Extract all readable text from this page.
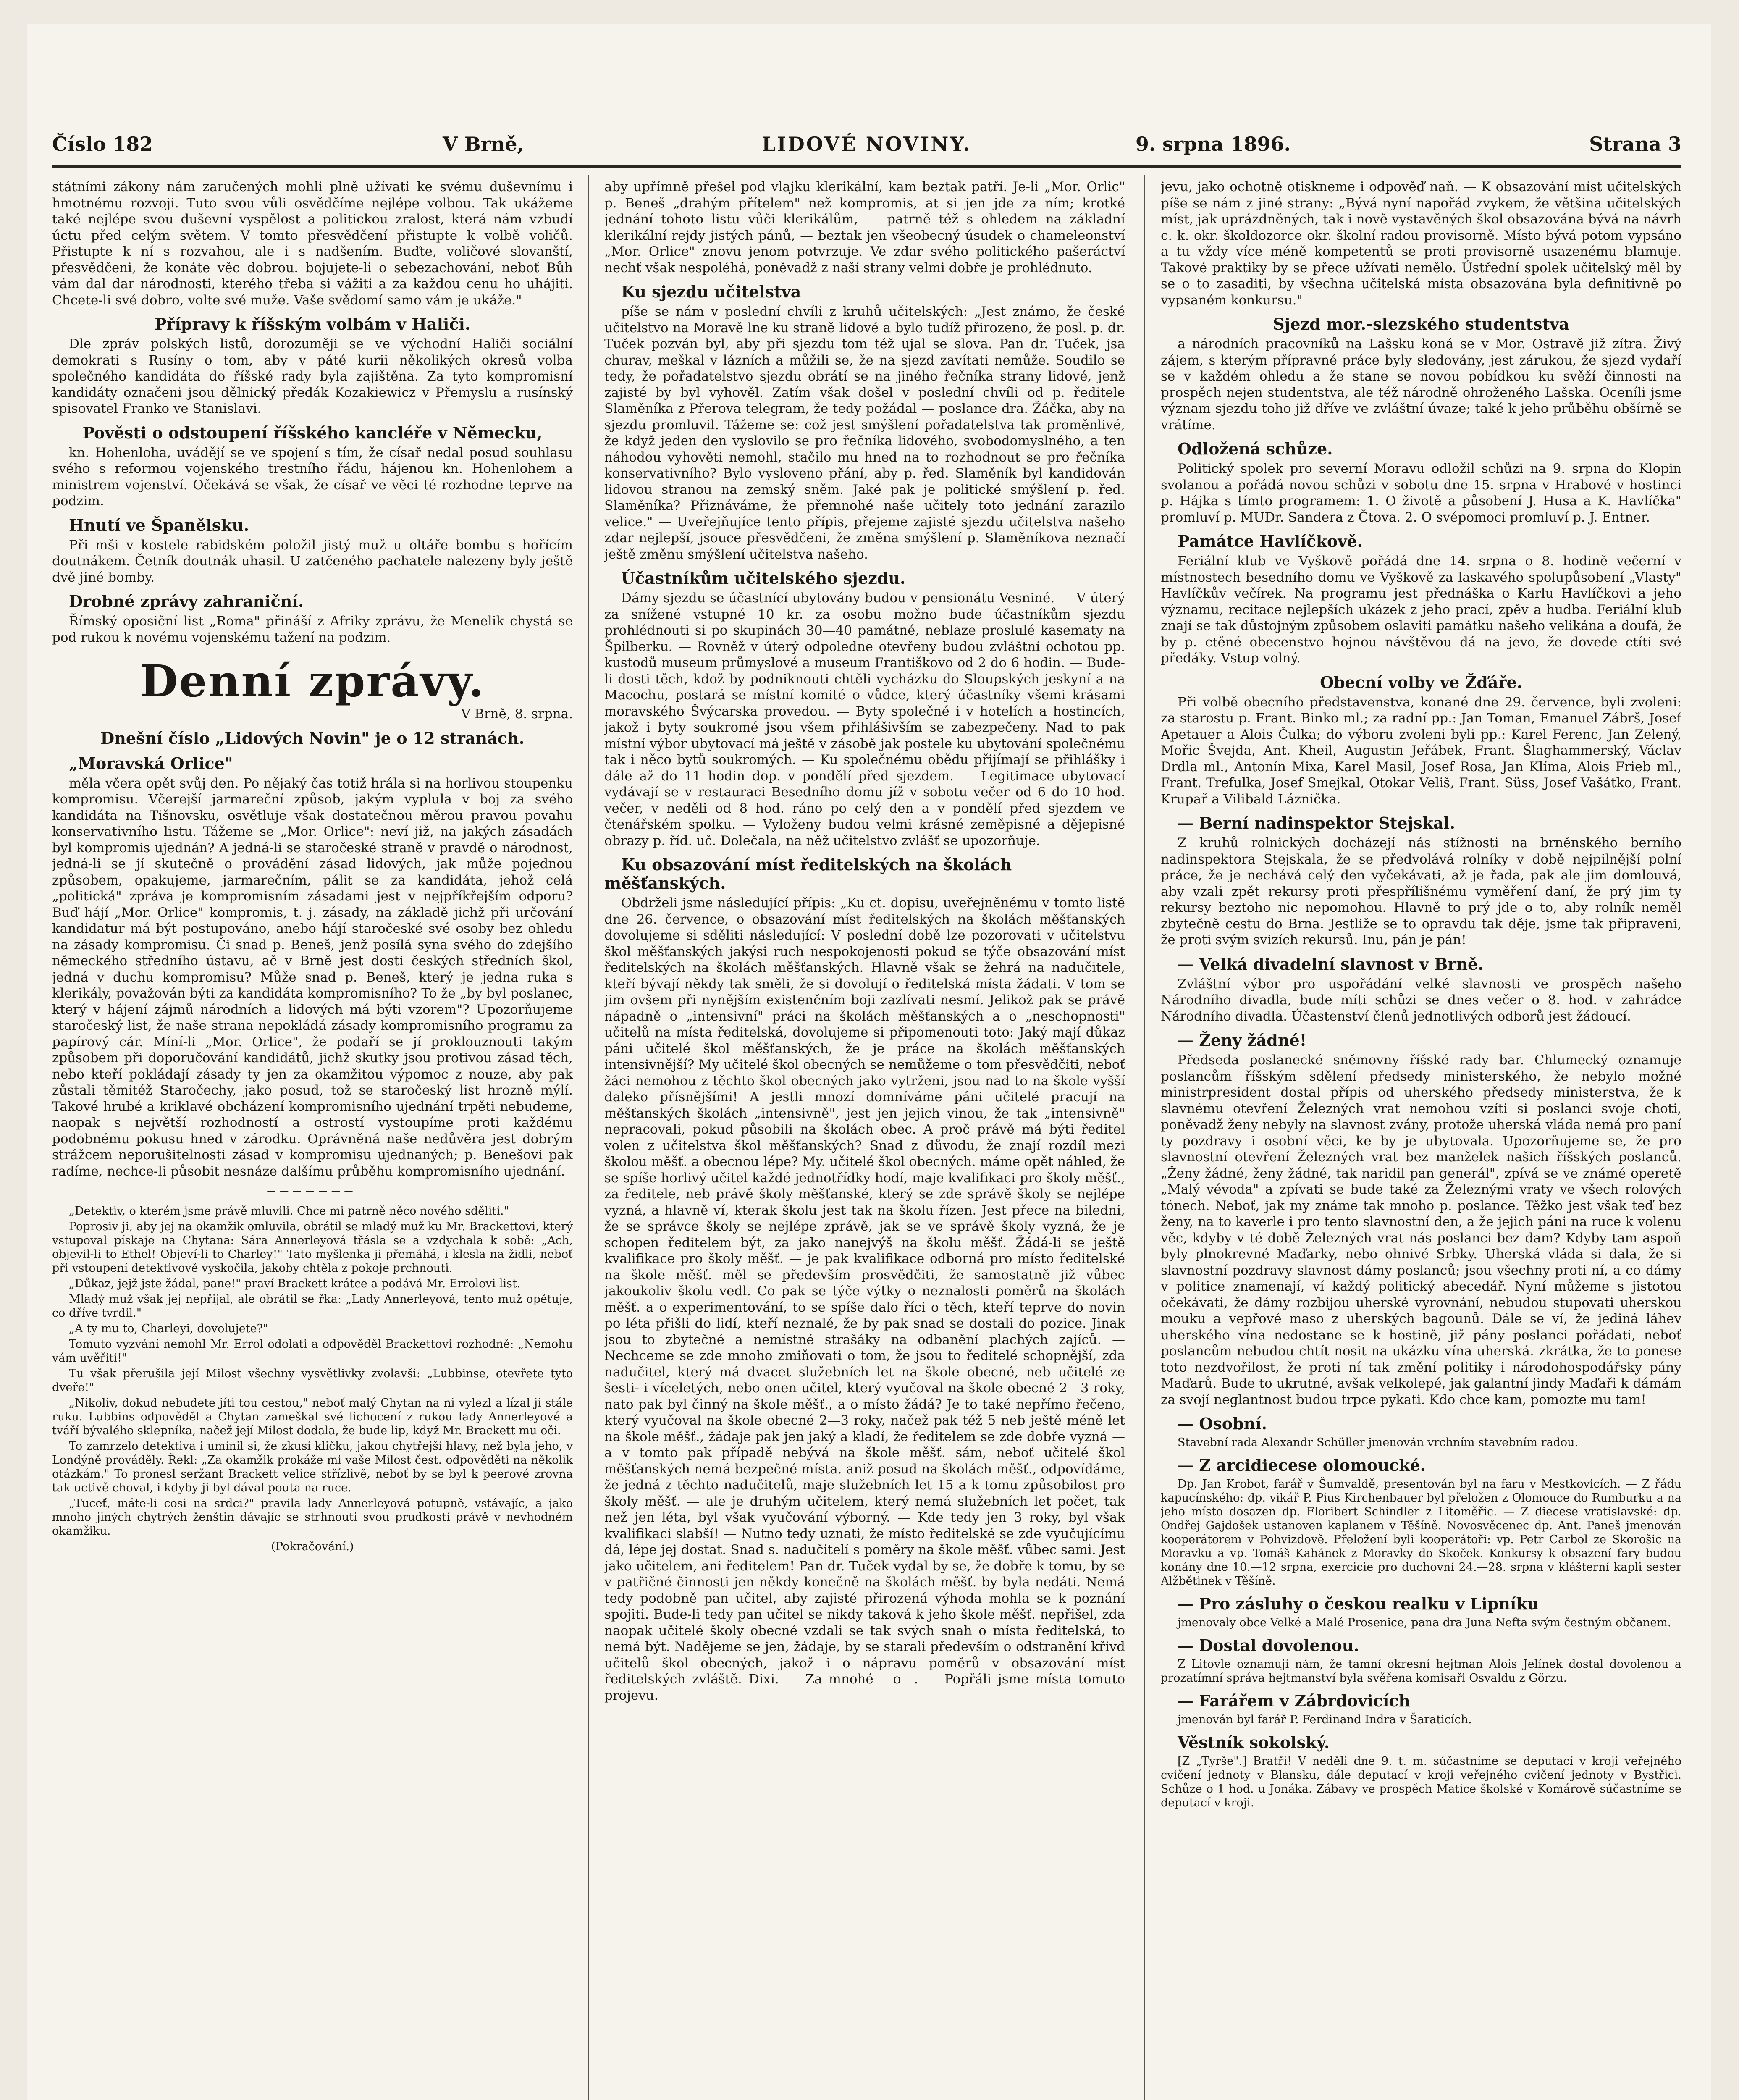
Číslo 182	V Brně,	LIDOVÉ NOVINY.	9. srpna 1896.	Strana 3

státními zákony nám zaručených mohli plně užívati ke svému duševnímu i hmotnému rozvoji. Tuto svou vůli osvědčíme nejlépe volbou. Tak ukážeme také nejlépe svou duševní vyspělost a politickou zralost, která nám vzbudí úctu před celým světem. V tomto přesvědčení přistupte k volbě voličů. Přistupte k ní s rozvahou, ale i s nadšením. Buďte, voličové slovanští, přesvědčeni, že konáte věc dobrou. bojujete-li o sebezachování, neboť Bůh vám dal dar národnosti, kterého třeba si vážiti a za každou cenu ho uhájiti. Chcete-li své dobro, volte své muže. Vaše svědomí samo vám je ukáže."

Přípravy k říšským volbám v Haliči.

Dle zpráv polských listů, dorozuměji se ve východní Haliči sociální demokrati s Rusíny o tom, aby v páté kurii několikých okresů volba společného kandidáta do říšské rady byla zajištěna. Za tyto kompromisní kandidáty označeni jsou dělnický předák Kozakiewicz v Přemyslu a rusínský spisovatel Franko ve Stanislavi.

Pověsti o odstoupení říšského kancléře v Německu,

kn. Hohenloha, uvádějí se ve spojení s tím, že císař nedal posud souhlasu svého s reformou vojenského trestního řádu, hájenou kn. Hohenlohem a ministrem vojenství. Očekává se však, že císař ve věci té rozhodne teprve na podzim.

Hnutí ve Španělsku.

Při mši v kostele rabidském položil jistý muž u oltáře bombu s hořícím doutnákem. Četník doutnák uhasil. U zatčeného pachatele nalezeny byly ještě dvě jiné bomby.

Drobné zprávy zahraniční.

Římský oposiční list „Roma" přináší z Afriky zprávu, že Menelik chystá se pod rukou k novému vojenskému tažení na podzim.

Denní zprávy.
V Brně, 8. srpna.
Dnešní číslo „Lidových Novin" je o 12 stranách.
„Moravská Orlice"

měla včera opět svůj den. Po nějaký čas totiž hrála si na horlivou stoupenku kompromisu. Včerejší jarmareční způsob, jakým vyplula v boj za svého kandidáta na Tišnovsku, osvětluje však dostatečnou měrou pravou povahu konservativního listu. Tážeme se „Mor. Orlice": neví již, na jakých zásadách byl kompromis ujednán? A jedná-li se staročeské straně v pravdě o národnost, jedná-li se jí skutečně o provádění zásad lidových, jak může pojednou způsobem, opakujeme, jarmarečním, pálit se za kandidáta, jehož celá „politická" zpráva je kompromisním zásadami jest v nejpříkřejším odporu? Buď hájí „Mor. Orlice" kompromis, t. j. zásady, na základě jichž při určování kandidatur má být postupováno, anebo hájí staročeské své osoby bez ohledu na zásady kompromisu. Či snad p. Beneš, jenž posílá syna svého do zdejšího německého středního ústavu, ač v Brně jest dosti českých středních škol, jedná v duchu kompromisu? Může snad p. Beneš, který je jedna ruka s klerikály, považován býti za kandidáta kompromisního? To že „by byl poslanec, který v hájení zájmů národních a lidových má býti vzorem"? Upozorňujeme staročeský list, že naše strana nepokládá zásady kompromisního programu za papírový cár. Míní-li „Mor. Orlice", že podaří se jí proklouznouti takým způsobem při doporučování kandidátů, jichž skutky jsou protivou zásad těch, nebo kteří pokládají zásady ty jen za okamžitou výpomoc z nouze, aby pak zůstali těmitéž Staročechy, jako posud, tož se staročeský list hrozně mýlí. Takové hrubé a kriklavé obcházení kompromisního ujednání trpěti nebudeme, naopak s největší rozhodností a ostrostí vystoupíme proti každému podobnému pokusu hned v zárodku. Oprávněná naše nedůvěra jest dobrým strážcem neporušitelnosti zásad v kompromisu ujednaných; p. Benešovi pak radíme, nechce-li působit nesnáze dalšímu průběhu kompromisního ujednání.

───────

„Detektiv, o kterém jsme právě mluvili. Chce mi patrně něco nového sděliti."

Poprosiv ji, aby jej na okamžik omluvila, obrátil se mladý muž ku Mr. Brackettovi, který vstupoval pískaje na Chytana: Sára Annerleyová třásla se a vzdychala k sobě: „Ach, objevil-li to Ethel! Objeví-li to Charley!" Tato myšlenka ji přemáhá, i klesla na židli, neboť při vstoupení detektivově vyskočila, jakoby chtěla z pokoje prchnouti.

„Důkaz, jejž jste žádal, pane!" praví Brackett krátce a podává Mr. Errolovi list.

Mladý muž však jej nepřijal, ale obrátil se řka: „Lady Annerleyová, tento muž opětuje, co dříve tvrdil."

„A ty mu to, Charleyi, dovolujete?"

Tomuto vyzvání nemohl Mr. Errol odolati a odpověděl Brackettovi rozhodně: „Nemohu vám uvěřiti!"

Tu však přerušila její Milost všechny vysvětlivky zvolavši: „Lubbinse, otevřete tyto dveře!"

„Nikoliv, dokud nebudete jíti tou cestou," neboť malý Chytan na ni vylezl a lízal ji stále ruku. Lubbins odpověděl a Chytan zameškal své lichocení z rukou lady Annerleyové a tváří bývalého sklepníka, načež její Milost dodala, že bude lip, když Mr. Brackett mu oči.

To zamrzelo detektiva i umínil si, že zkusí kličku, jakou chytřejší hlavy, než byla jeho, v Londýně prováděly. Řekl: „Za okamžik prokáže mi vaše Milost čest. odpověděti na několik otázkám." To pronesl seržant Brackett velice střízlivě, neboť by se byl k peerové zrovna tak uctivě choval, i kdyby ji byl dával pouta na ruce.

„Tuceť, máte-li cosi na srdci?" pravila lady Annerleyová potupně, vstávajíc, a jako mnoho jiných chytrých ženštin dávajíc se strhnouti svou prudkostí právě v nevhodném okamžiku.

(Pokračování.)

aby upřímně přešel pod vlajku klerikální, kam beztak patří. Je-li „Mor. Orlic" p. Beneš „drahým přítelem" než kompromis, at si jen jde za ním; krotké jednání tohoto listu vůči klerikálům, — patrně též s ohledem na základní klerikální rejdy jistých pánů, — beztak jen všeobecný úsudek o chameleonství „Mor. Orlice" znovu jenom potvrzuje. Ve zdar svého politického pašeráctví nechť však nespoléhá, poněvadž z naší strany velmi dobře je prohlédnuto.

Ku sjezdu učitelstva

píše se nám v poslední chvíli z kruhů učitelských: „Jest známo, že české učitelstvo na Moravě lne ku straně lidové a bylo tudíž přirozeno, že posl. p. dr. Tuček pozván byl, aby při sjezdu tom též ujal se slova. Pan dr. Tuček, jsa churav, meškal v lázních a můžili se, že na sjezd zavítati nemůže. Soudilo se tedy, že pořadatelstvo sjezdu obrátí se na jiného řečníka strany lidové, jenž zajisté by byl vyhověl. Zatím však došel v poslední chvíli od p. ředitele Slaměníka z Přerova telegram, že tedy požádal — poslance dra. Žáčka, aby na sjezdu promluvil. Tážeme se: což jest smýšlení pořadatelstva tak proměnlivé, že když jeden den vyslovilo se pro řečníka lidového, svobodomyslného, a ten náhodou vyhověti nemohl, stačilo mu hned na to rozhodnout se pro řečníka konservativního? Bylo vysloveno přání, aby p. řed. Slaměník byl kandidován lidovou stranou na zemský sněm. Jaké pak je politické smýšlení p. řed. Slaměníka? Přiznáváme, že přemnohé naše učitely toto jednání zarazilo velice." — Uveřejňujíce tento přípis, přejeme zajisté sjezdu učitelstva našeho zdar nejlepší, jsouce přesvědčeni, že změna smýšlení p. Slaměníkova neznačí ještě změnu smýšlení učitelstva našeho.

Účastníkům učitelského sjezdu.

Dámy sjezdu se účastnící ubytovány budou v pensionátu Vesniné. — V úterý za snížené vstupné 10 kr. za osobu možno bude účastníkům sjezdu prohlédnouti si po skupinách 30—40 památné, neblaze proslulé kasematy na Špilberku. — Rovněž v úterý odpoledne otevřeny budou zvláštní ochotou pp. kustodů museum průmyslové a museum Františkovo od 2 do 6 hodin. — Bude-li dosti těch, kdož by podniknouti chtěli vycházku do Sloupských jeskyní a na Macochu, postará se místní komité o vůdce, který účastníky všemi krásami moravského Švýcarska provedou. — Byty společné i v hotelích a hostincích, jakož i byty soukromé jsou všem přihlášivším se zabezpečeny. Nad to pak místní výbor ubytovací má ještě v zásobě jak postele ku ubytování společnému tak i něco bytů soukromých. — Ku společnému obědu přijímají se přihlášky i dále až do 11 hodin dop. v pondělí před sjezdem. — Legitimace ubytovací vydávají se v restauraci Besedního domu jíž v sobotu večer od 6 do 10 hod. večer, v neděli od 8 hod. ráno po celý den a v pondělí před sjezdem ve čtenářském spolku. — Vyloženy budou velmi krásné zeměpisné a dějepisné obrazy p. říd. uč. Dolečala, na něž učitelstvo zvlášť se upozorňuje.

Ku obsazování míst ředitelských na školách měšťanských.

Obdrželi jsme následující přípis: „Ku ct. dopisu, uveřejněnému v tomto listě dne 26. července, o obsazování míst ředitelských na školách měšťanských dovolujeme si sděliti následující: V poslední době lze pozorovati v učitelstvu škol měšťanských jakýsi ruch nespokojenosti pokud se týče obsazování míst ředitelských na školách měšťanských. Hlavně však se žehrá na nadučitele, kteří bývají někdy tak směli, že si dovolují o ředitelská místa žádati. V tom se jim ovšem při nynějším existenčním boji zazlívati nesmí. Jelikož pak se právě nápadně o „intensivní" práci na školách měšťanských a o „neschopnosti" učitelů na místa ředitelská, dovolujeme si připomenouti toto: Jaký mají důkaz páni učitelé škol měšťanských, že je práce na školách měšťanských intensivnější? My učitelé škol obecných se nemůžeme o tom přesvědčiti, neboť žáci nemohou z těchto škol obecných jako vytrženi, jsou nad to na škole vyšší daleko přísnějšími! A jestli mnozí domníváme páni učitelé pracují na měšťanských školách „intensivně", jest jen jejich vinou, že tak „intensivně" nepracovali, pokud působili na školách obec. A proč právě má býti ředitel volen z učitelstva škol měšťanských? Snad z důvodu, že znají rozdíl mezi školou měšť. a obecnou lépe? My. učitelé škol obecných. máme opět náhled, že se spíše horlivý učitel každé jednotřídky hodí, maje kvalifikaci pro školy měšť., za ředitele, neb právě školy měšťanské, který se zde správě školy se nejlépe vyzná, a hlavně ví, kterak školu jest tak na školu řízen. Jest přece na biledni, že se správce školy se nejlépe zprávě, jak se ve správě školy vyzná, že je schopen ředitelem být, za jako nanejvýš na školu měšť. Žádá-li se ještě kvalifikace pro školy měšť. — je pak kvalifikace odborná pro místo ředitelské na škole měšť. měl se především prosvědčiti, že samostatně již vůbec jakoukoliv školu vedl. Co pak se týče výtky o neznalosti poměrů na školách měšť. a o experimentování, to se spíše dalo říci o těch, kteří teprve do novin po léta přišli do lidí, kteří neznalé, že by pak snad se dostali do pozice. Jinak jsou to zbytečné a nemístné strašáky na odbanění plachých zajíců. — Nechceme se zde mnoho zmiňovati o tom, že jsou to ředitelé schopnější, zda nadučitel, který má dvacet služebních let na škole obecné, neb učitelé ze šesti- i víceletých, nebo onen učitel, který vyučoval na škole obecné 2—3 roky, nato pak byl činný na škole měšť., a o místo žádá? Je to také nepřímo řečeno, který vyučoval na škole obecné 2—3 roky, načež pak též 5 neb ještě méně let na škole měšť., žádaje pak jen jaký a kladí, že ředitelem se zde dobře vyzná — a v tomto pak případě nebývá na škole měšť. sám, neboť učitelé škol měšťanských nemá bezpečné místa. aniž posud na školách měšť., odpovídáme, že jedná z těchto nadučitelů, maje služebních let 15 a k tomu způsobilost pro školy měšť. — ale je druhým učitelem, který nemá služebních let počet, tak než jen léta, byl však vyučování výborný. — Kde tedy jen 3 roky, byl však kvalifikaci slabší! — Nutno tedy uznati, že místo ředitelské se zde vyučujícímu dá, lépe jej dostat. Snad s. nadučitelí s poměry na škole měšť. vůbec sami. Jest jako učitelem, ani ředitelem! Pan dr. Tuček vydal by se, že dobře k tomu, by se v patřičné činnosti jen někdy konečně na školách měšť. by byla nedáti. Nemá tedy podobně pan učitel, aby zajisté přirozená výhoda mohla se k poznání spojiti. Bude-li tedy pan učitel se nikdy taková k jeho škole měšť. nepřišel, zda naopak učitelé školy obecné vzdali se tak svých snah o místa ředitelská, to nemá být. Nadějeme se jen, žádaje, by se starali především o odstranění křivd učitelů škol obecných, jakož i o nápravu poměrů v obsazování míst ředitelských zvláště. Dixi. — Za mnohé —o—. — Popřáli jsme místa tomuto projevu.

jevu, jako ochotně otiskneme i odpověď naň. — K obsazování míst učitelských píše se nám z jiné strany: „Bývá nyní napořád zvykem, že většina učitelských míst, jak uprázdněných, tak i nově vystavěných škol obsazována bývá na návrh c. k. okr. školdozorce okr. školní radou provisorně. Místo bývá potom vypsáno a tu vždy více méně kompetentů se proti provisorně usazenému blamuje. Takové praktiky by se přece užívati nemělo. Ústřední spolek učitelský měl by se o to zasaditi, by všechna učitelská místa obsazována byla definitivně po vypsaném konkursu."

Sjezd mor.-slezského studentstva

a národních pracovníků na Lašsku koná se v Mor. Ostravě již zítra. Živý zájem, s kterým přípravné práce byly sledovány, jest zárukou, že sjezd vydaří se v každém ohledu a že stane se novou pobídkou ku svěží činnosti na prospěch nejen studentstva, ale též národně ohroženého Lašska. Oceníli jsme význam sjezdu toho již dříve ve zvláštní úvaze; také k jeho průběhu obšírně se vrátíme.

Odložená schůze.

Politický spolek pro severní Moravu odložil schůzi na 9. srpna do Klopin svolanou a pořádá novou schůzi v sobotu dne 15. srpna v Hrabové v hostinci p. Hájka s tímto programem: 1. O životě a působení J. Husa a K. Havlíčka" promluví p. MUDr. Sandera z Čtova. 2. O svépomoci promluví p. J. Entner.

Památce Havlíčkově.

Feriální klub ve Vyškově pořádá dne 14. srpna o 8. hodině večerní v místnostech besedního domu ve Vyškově za laskavého spolupůsobení „Vlasty" Havlíčkův večírek. Na programu jest přednáška o Karlu Havlíčkovi a jeho významu, recitace nejlepších ukázek z jeho prací, zpěv a hudba. Feriální klub znají se tak důstojným způsobem oslaviti památku našeho velikána a doufá, že by p. ctěné obecenstvo hojnou návštěvou dá na jevo, že dovede ctíti své předáky. Vstup volný.

Obecní volby ve Žďáře.

Při volbě obecního představenstva, konané dne 29. července, byli zvoleni: za starostu p. Frant. Binko ml.; za radní pp.: Jan Toman, Emanuel Zábrš, Josef Apetauer a Alois Čulka; do výboru zvoleni byli pp.: Karel Ferenc, Jan Zelený, Mořic Švejda, Ant. Kheil, Augustin Jeřábek, Frant. Šlaghammerský, Václav Drdla ml., Antonín Mixa, Karel Masil, Josef Rosa, Jan Klíma, Alois Frieb ml., Frant. Trefulka, Josef Smejkal, Otokar Veliš, Frant. Süss, Josef Vašátko, Frant. Krupař a Vilibald Láznička.

— Berní nadinspektor Stejskal.

Z kruhů rolnických docházejí nás stížnosti na brněnského berního nadinspektora Stejskala, že se předvolává rolníky v době nejpilnější polní práce, že je nechává celý den vyčekávati, až je řada, pak ale jim domlouvá, aby vzali zpět rekursy proti přespřílišnému vyměření daní, že prý jim ty rekursy beztoho nic nepomohou. Hlavně to prý jde o to, aby rolník neměl zbytečně cestu do Brna. Jestliže se to opravdu tak děje, jsme tak připraveni, že proti svým svizích rekursů. Inu, pán je pán!

— Velká divadelní slavnost v Brně.

Zvláštní výbor pro uspořádání velké slavnosti ve prospěch našeho Národního divadla, bude míti schůzi se dnes večer o 8. hod. v zahrádce Národního divadla. Účastenství členů jednotlivých odborů jest žádoucí.

— Ženy žádné!

Předseda poslanecké sněmovny říšské rady bar. Chlumecký oznamuje poslancům říšským sdělení předsedy ministerského, že nebylo možné ministrpresident dostal přípis od uherského předsedy ministerstva, že k slavnému otevření Železných vrat nemohou vzíti si poslanci svoje choti, poněvadž ženy nebyly na slavnost zvány, protože uherská vláda nemá pro paní ty pozdravy i osobní věci, ke by je ubytovala. Upozorňujeme se, že pro slavnostní otevření Železných vrat bez manželek našich říšských poslanců. „Ženy žádné, ženy žádné, tak naridil pan generál", zpívá se ve známé operetě „Malý vévoda" a zpívati se bude také za Železnými vraty ve všech rolových tónech. Neboť, jak my známe tak mnoho p. poslance. Těžko jest však teď bez ženy, na to kaverle i pro tento slavnostní den, a že jejich páni na ruce k volenu věc, kdyby v té době Železných vrat nás poslanci bez dam? Kdyby tam aspoň byly plnokrevné Maďarky, nebo ohnivé Srbky. Uherská vláda si dala, že si slavnostní pozdravy slavnost dámy poslanců; jsou všechny proti ní, a co dámy v politice znamenají, ví každý politický abecedář. Nyní můžeme s jistotou očekávati, že dámy rozbijou uherské vyrovnání, nebudou stupovati uherskou mouku a vepřové maso z uherských bagounů. Dále se ví, že jediná láhev uherského vína nedostane se k hostině, již pány poslanci pořádati, neboť poslancům nebudou chtít nosit na ukázku vína uherská. zkrátka, že to ponese toto nezdvořilost, že proti ní tak změní politiky i národohospodářsky pány Maďarů. Bude to ukrutné, avšak velkolepé, jak galantní jindy Maďaři k dámám za svojí neglantnost budou trpce pykati. Kdo chce kam, pomozte mu tam!

— Osobní.

Stavební rada Alexandr Schüller jmenován vrchním stavebním radou.

— Z arcidiecese olomoucké.

Dp. Jan Krobot, farář v Šumvaldě, presentován byl na faru v Mestkovicích. — Z řádu kapucínského: dp. vikář P. Pius Kirchenbauer byl přeložen z Olomouce do Rumburku a na jeho místo dosazen dp. Floribert Schindler z Litoměřic. — Z diecese vratislavské: dp. Ondřej Gajdošek ustanoven kaplanem v Těšíně. Novosvěcenec dp. Ant. Paneš jmenován kooperátorem v Pohvizdově. Přeložení byli kooperátoři: vp. Petr Carbol ze Skorošic na Moravku a vp. Tomáš Kahánek z Moravky do Skoček. Konkursy k obsazení fary budou konány dne 10.—12 srpna, exercicie pro duchovní 24.—28. srpna v klášterní kapli sester Alžbětinek v Těšíně.

— Pro zásluhy o českou realku v Lipníku

jmenovaly obce Velké a Malé Prosenice, pana dra Juna Nefta svým čestným občanem.

— Dostal dovolenou.

Z Litovle oznamují nám, že tamní okresní hejtman Alois Jelínek dostal dovolenou a prozatímní správa hejtmanství byla svěřena komisaři Osvaldu z Görzu.

— Farářem v Zábrdovicích

jmenován byl farář P. Ferdinand Indra v Šaraticích.

Věstník sokolský.

[Z „Tyrše".] Bratři! V neděli dne 9. t. m. súčastníme se deputací v kroji veřejného cvičení jednoty v Blansku, dále deputací v kroji veřejného cvičení jednoty v Bystřici. Schůze o 1 hod. u Jonáka. Zábavy ve prospěch Matice školské v Komárově súčastníme se deputací v kroji.
